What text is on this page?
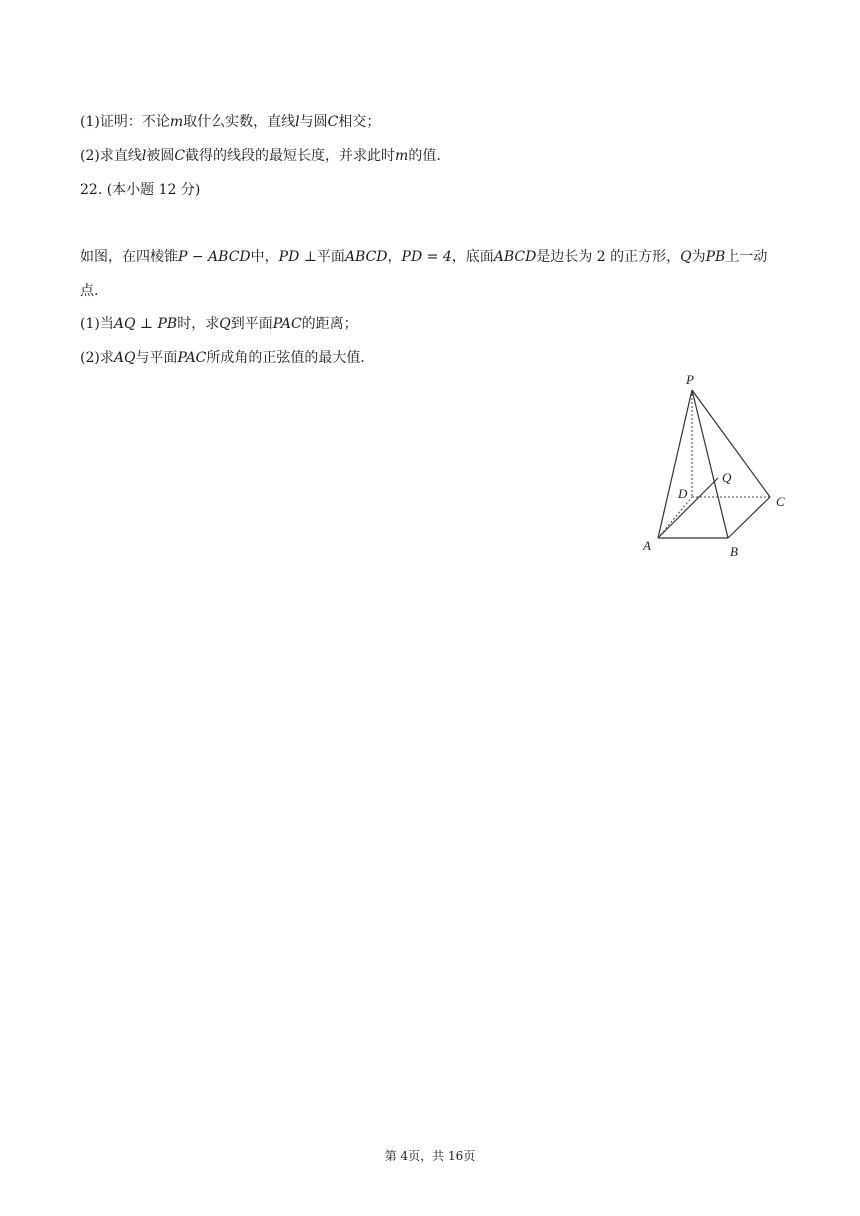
(1)证明：不论m取什么实数，直线l与圆C相交；
(2)求直线l被圆C截得的线段的最短长度，并求此时m的值.
22. (本小题 12 分)
如图，在四棱锥P − ABCD中，PD ⊥平面ABCD，PD = 4，底面ABCD是边长为 2 的正方形，Q为PB上一动
点.
(1)当AQ ⊥ PB时，求Q到平面PAC的距离；
(2)求AQ与平面PAC所成角的正弦值的最大值.
P
Q
D
C
A	B
第 4页，共 16页
